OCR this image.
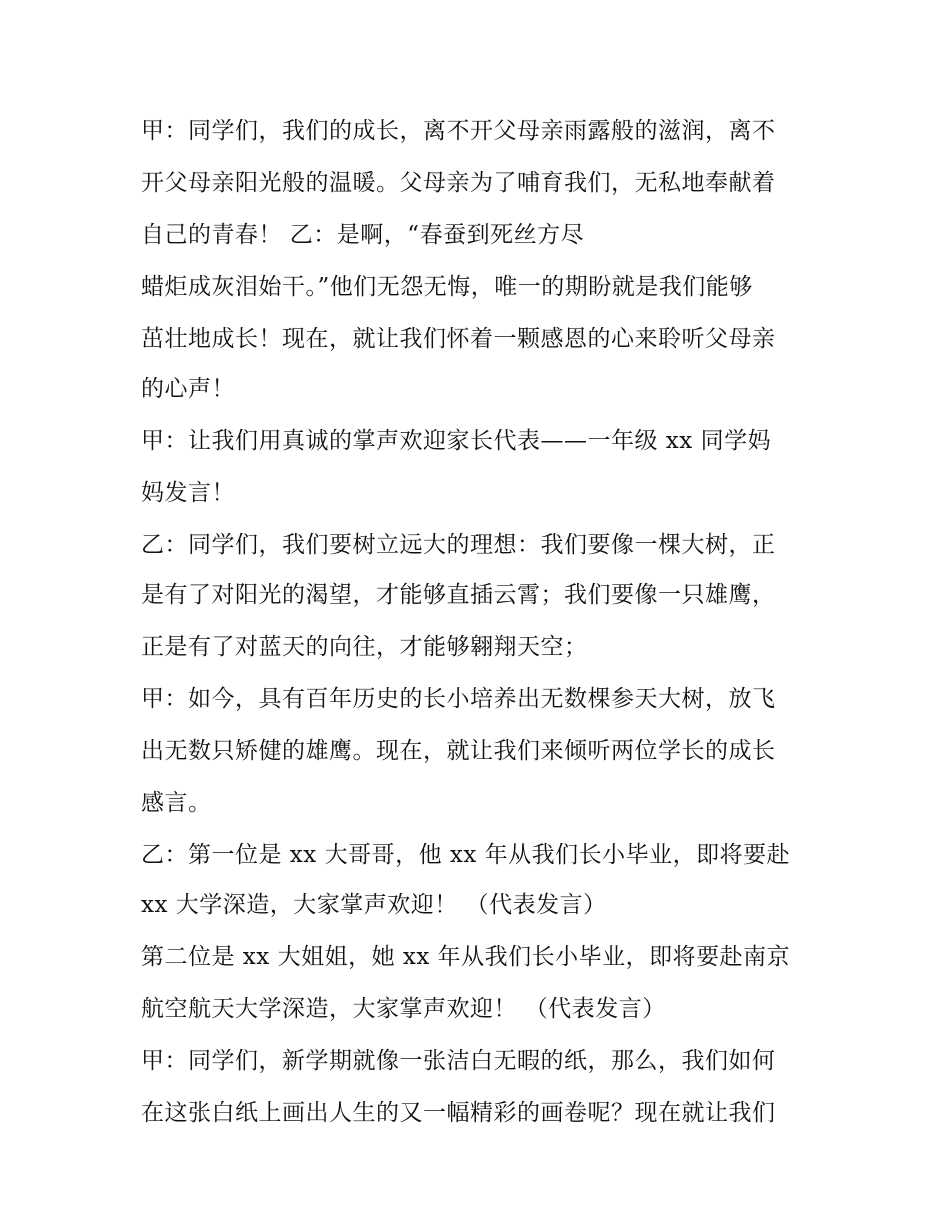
甲：同学们，我们的成长，离不开父母亲雨露般的滋润，离不
开父母亲阳光般的温暖。父母亲为了哺育我们，无私地奉献着
自己的青春！ 乙：是啊，“春蚕到死丝方尽
蜡炬成灰泪始干。”他们无怨无悔，唯一的期盼就是我们能够
茁壮地成长！现在，就让我们怀着一颗感恩的心来聆听父母亲
的心声！
甲：让我们用真诚的掌声欢迎家长代表——一年级 xx 同学妈
妈发言！
乙：同学们，我们要树立远大的理想：我们要像一棵大树，正
是有了对阳光的渴望，才能够直插云霄；我们要像一只雄鹰，
正是有了对蓝天的向往，才能够翱翔天空；
甲：如今，具有百年历史的长小培养出无数棵参天大树，放飞
出无数只矫健的雄鹰。现在，就让我们来倾听两位学长的成长
感言。
乙：第一位是 xx 大哥哥，他 xx 年从我们长小毕业，即将要赴
xx 大学深造，大家掌声欢迎！ （代表发言）
第二位是 xx 大姐姐，她 xx 年从我们长小毕业，即将要赴南京
航空航天大学深造，大家掌声欢迎！ （代表发言）
甲：同学们，新学期就像一张洁白无暇的纸，那么，我们如何
在这张白纸上画出人生的又一幅精彩的画卷呢？现在就让我们
